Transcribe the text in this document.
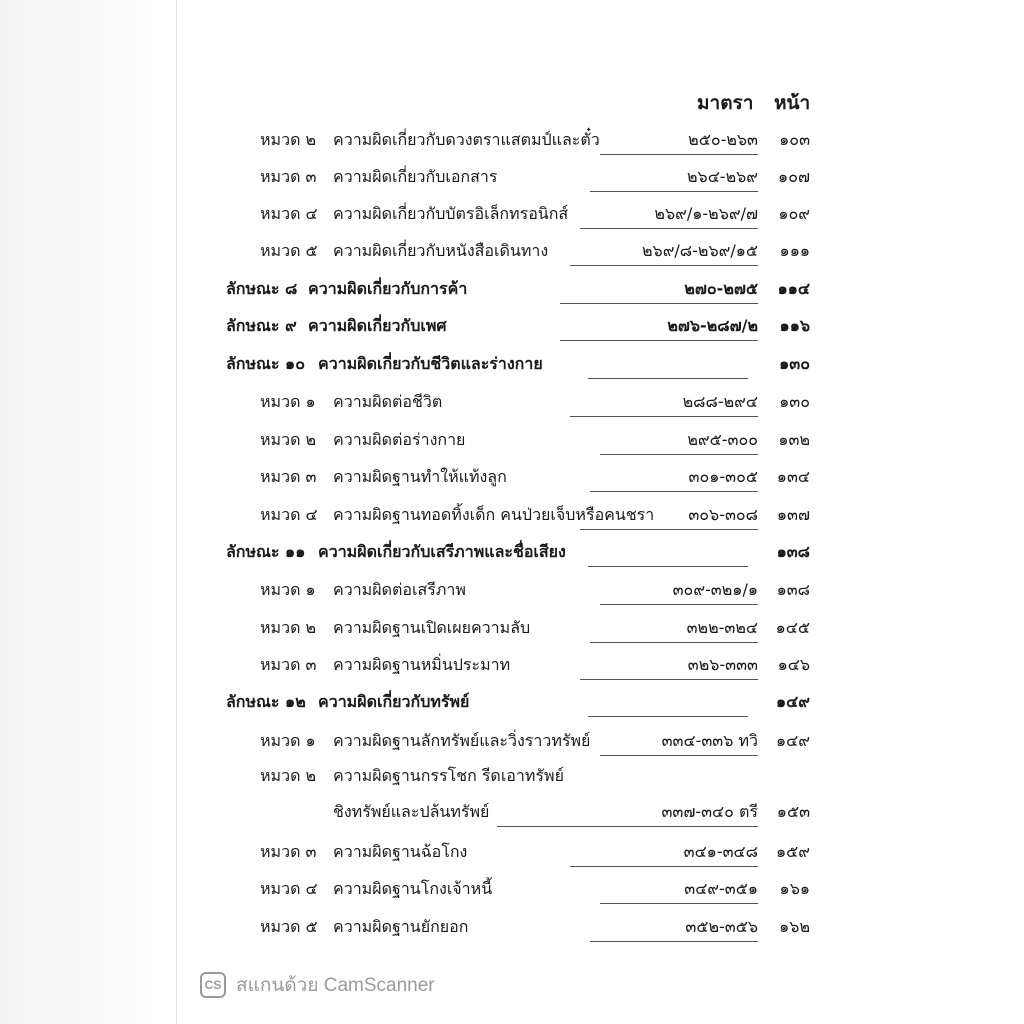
มาตรา หน้า
หมวด ๒ ความผิดเกี่ยวกับดวงตราแสตมป์และตั๋ว	๒๕๐-๒๖๓ ๑๐๓
หมวด ๓ ความผิดเกี่ยวกับเอกสาร	๒๖๔-๒๖๙ ๑๐๗
หมวด ๔ ความผิดเกี่ยวกับบัตรอิเล็กทรอนิกส์	๒๖๙/๑-๒๖๙/๗ ๑๐๙
หมวด ๕ ความผิดเกี่ยวกับหนังสือเดินทาง	๒๖๙/๘-๒๖๙/๑๕ ๑๑๑
ลักษณะ ๘ ความผิดเกี่ยวกับการค้า	๒๗๐-๒๗๕ ๑๑๔
ลักษณะ ๙ ความผิดเกี่ยวกับเพศ	๒๗๖-๒๘๗/๒ ๑๑๖
ลักษณะ ๑๐ ความผิดเกี่ยวกับชีวิตและร่างกาย	๑๓๐
หมวด ๑ ความผิดต่อชีวิต	๒๘๘-๒๙๔ ๑๓๐
หมวด ๒ ความผิดต่อร่างกาย	๒๙๕-๓๐๐ ๑๓๒
หมวด ๓ ความผิดฐานทำให้แท้งลูก	๓๐๑-๓๐๕ ๑๓๔
หมวด ๔ ความผิดฐานทอดทิ้งเด็ก คนป่วยเจ็บหรือคนชรา ๓๐๖-๓๐๘ ๑๓๗
ลักษณะ ๑๑ ความผิดเกี่ยวกับเสรีภาพและชื่อเสียง	๑๓๘
หมวด ๑ ความผิดต่อเสรีภาพ	๓๐๙-๓๒๑/๑ ๑๓๘
หมวด ๒ ความผิดฐานเปิดเผยความลับ	๓๒๒-๓๒๔ ๑๔๕
หมวด ๓ ความผิดฐานหมิ่นประมาท	๓๒๖-๓๓๓ ๑๔๖
ลักษณะ ๑๒ ความผิดเกี่ยวกับทรัพย์	๑๔๙
หมวด ๑ ความผิดฐานลักทรัพย์และวิ่งราวทรัพย์	๓๓๔-๓๓๖ ทวิ ๑๔๙
หมวด ๒ ความผิดฐานกรรโชก รีดเอาทรัพย์
ชิงทรัพย์และปล้นทรัพย์	๓๓๗-๓๔๐ ตรี ๑๕๓
หมวด ๓ ความผิดฐานฉ้อโกง	๓๔๑-๓๔๘ ๑๕๙
หมวด ๔ ความผิดฐานโกงเจ้าหนี้	๓๔๙-๓๕๑ ๑๖๑
หมวด ๕ ความผิดฐานยักยอก	๓๕๒-๓๕๖ ๑๖๒
CS สแกนด้วย CamScanner
